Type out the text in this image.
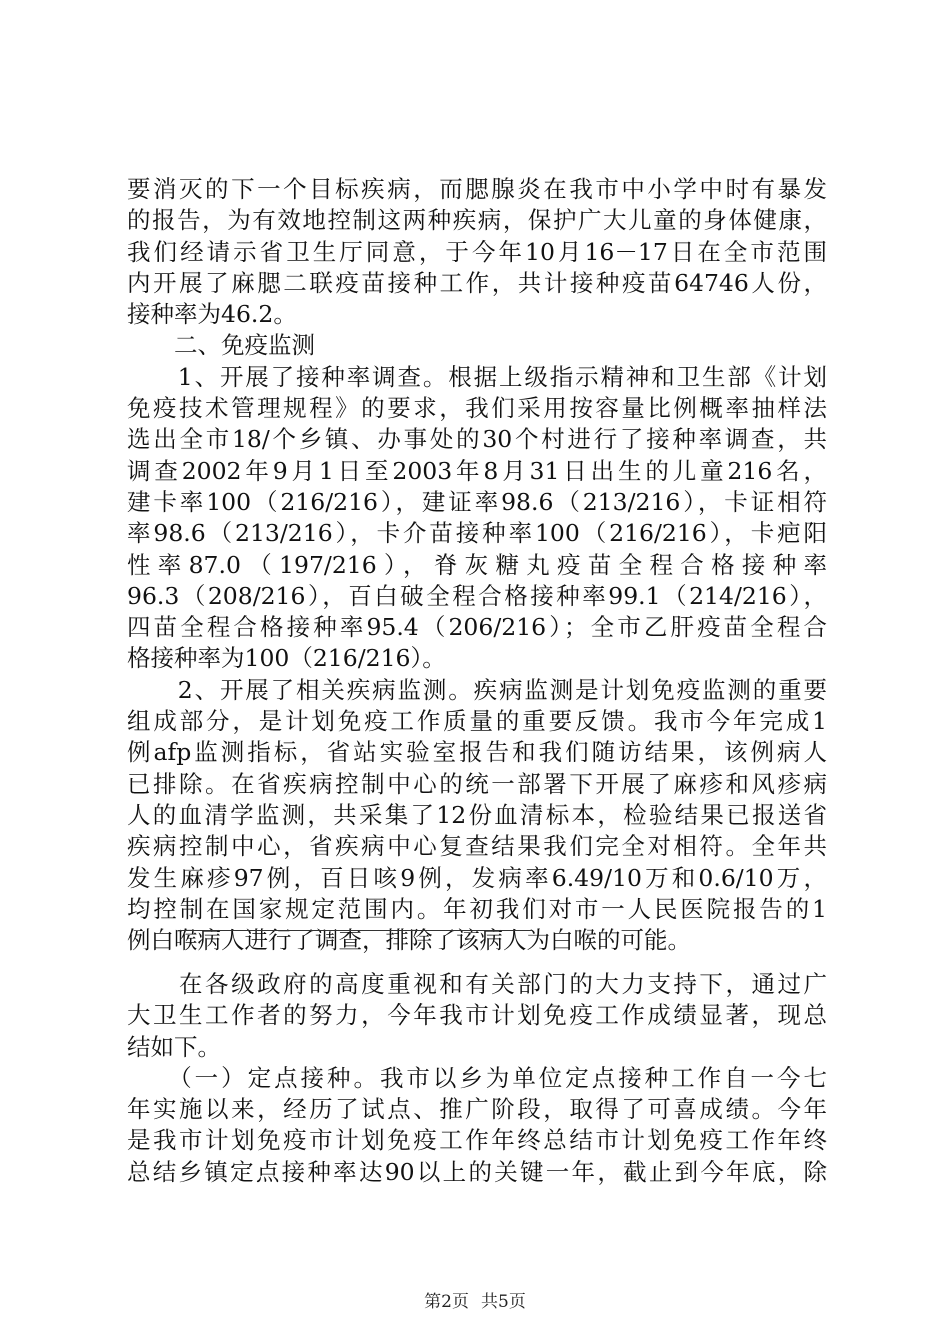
要消灭的下一个目标疾病，而腮腺炎在我市中小学中时有暴发
的报告，为有效地控制这两种疾病，保护广大儿童的身体健康，
我们经请示省卫生厅同意，于今年10月16－17日在全市范围
内开展了麻腮二联疫苗接种工作，共计接种疫苗64746人份，
接种率为46.2。
　　二、免疫监测
　　1、开展了接种率调查。根据上级指示精神和卫生部《计划
免疫技术管理规程》的要求，我们采用按容量比例概率抽样法
选出全市18/个乡镇、办事处的30个村进行了接种率调查，共
调查2002年9月1日至2003年8月31日出生的儿童216名，
建卡率100（216/216），建证率98.6（213/216），卡证相符
率98.6（213/216），卡介苗接种率100（216/216），卡疤阳
性率87.0（197/216），脊灰糖丸疫苗全程合格接种率
96.3（208/216），百白破全程合格接种率99.1（214/216），
四苗全程合格接种率95.4（206/216）；全市乙肝疫苗全程合
格接种率为100（216/216）。
　　2、开展了相关疾病监测。疾病监测是计划免疫监测的重要
组成部分，是计划免疫工作质量的重要反馈。我市今年完成1
例afp监测指标，省站实验室报告和我们随访结果，该例病人
已排除。在省疾病控制中心的统一部署下开展了麻疹和风疹病
人的血清学监测，共采集了12份血清标本，检验结果已报送省
疾病控制中心，省疾病中心复查结果我们完全对相符。全年共
发生麻疹97例，百日咳9例，发病率6.49/10万和0.6/10万，
均控制在国家规定范围内。年初我们对市一人民医院报告的1
例白喉病人进行了调查，排除了该病人为白喉的可能。
　　在各级政府的高度重视和有关部门的大力支持下，通过广
大卫生工作者的努力，今年我市计划免疫工作成绩显著，现总
结如下。
　　（一）定点接种。我市以乡为单位定点接种工作自一今七
年实施以来，经历了试点、推广阶段，取得了可喜成绩。今年
是我市计划免疫市计划免疫工作年终总结市计划免疫工作年终
总结乡镇定点接种率达90以上的关键一年，截止到今年底，除
第2页 共5页
